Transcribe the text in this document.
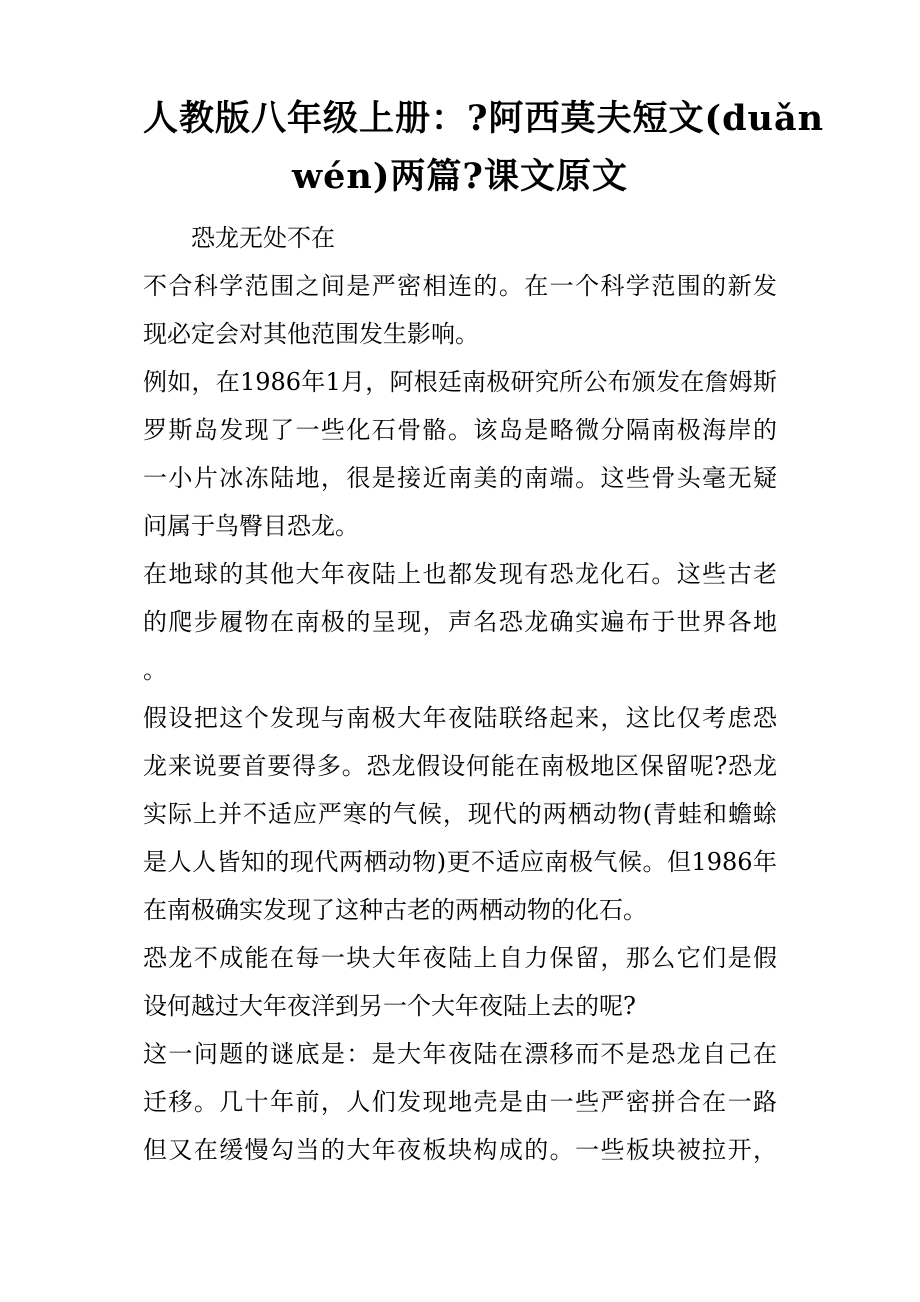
人教版八年级上册：?阿西莫夫短文(duǎn
wén)两篇?课文原文
恐龙无处不在
不合科学范围之间是严密相连的。在一个科学范围的新发
现必定会对其他范围发生影响。
例如，在1986年1月，阿根廷南极研究所公布颁发在詹姆斯
罗斯岛发现了一些化石骨骼。该岛是略微分隔南极海岸的
一小片冰冻陆地，很是接近南美的南端。这些骨头毫无疑
问属于鸟臀目恐龙。
在地球的其他大年夜陆上也都发现有恐龙化石。这些古老
的爬步履物在南极的呈现，声名恐龙确实遍布于世界各地
。
假设把这个发现与南极大年夜陆联络起来，这比仅考虑恐
龙来说要首要得多。恐龙假设何能在南极地区保留呢?恐龙
实际上并不适应严寒的气候，现代的两栖动物(青蛙和蟾蜍
是人人皆知的现代两栖动物)更不适应南极气候。但1986年
在南极确实发现了这种古老的两栖动物的化石。
恐龙不成能在每一块大年夜陆上自力保留，那么它们是假
设何越过大年夜洋到另一个大年夜陆上去的呢?
这一问题的谜底是：是大年夜陆在漂移而不是恐龙自己在
迁移。几十年前，人们发现地壳是由一些严密拼合在一路
但又在缓慢勾当的大年夜板块构成的。一些板块被拉开，
